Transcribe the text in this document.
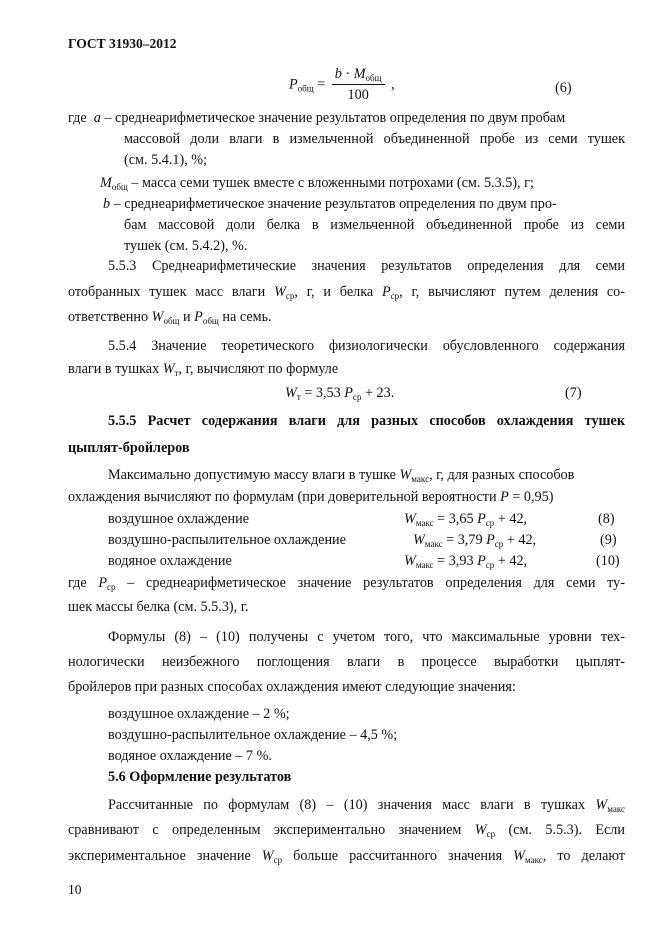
ГОСТ 31930–2012
$P_{общ} = \frac{b \cdot M_{общ}}{100}$ ,	(6)
где a – среднеарифметическое значение результатов определения по двум пробам
массовой доли влаги в измельченной объединенной пробе из семи тушек
(см. 5.4.1), %;
$M_{общ}$ – масса семи тушек вместе с вложенными потрохами (см. 5.3.5), г;
b – среднеарифметическое значение результатов определения по двум про-
бам массовой доли белка в измельченной объединенной пробе из семи
тушек (см. 5.4.2), %.
5.5.3 Среднеарифметические значения результатов определения для семи
отобранных тушек масс влаги $W_{ср}$, г, и белка $P_{ср}$, г, вычисляют путем деления со-
ответственно $W_{общ}$ и $P_{общ}$ на семь.
5.5.4 Значение теоретического физиологически обусловленного содержания
влаги в тушках $W_т$, г, вычисляют по формуле
$W_т = 3,53$ $P_{ср} + 23$.	(7)
5.5.5 Расчет содержания влаги для разных способов охлаждения тушек
цыплят-бройлеров
Максимально допустимую массу влаги в тушке $W_{макс}$, г, для разных способов
охлаждения вычисляют по формулам (при доверительной вероятности P = 0,95)
воздушное охлаждение	$W_{макс} = 3,65$ $P_{ср} + 42$,	(8)
воздушно-распылительное охлаждение	$W_{макс} = 3,79$ $P_{ср} + 42$,	(9)
водяное охлаждение	$W_{макс} = 3,93$ $P_{ср} + 42$,	(10)
где $P_{ср}$ – среднеарифметическое значение результатов определения для семи ту-
шек массы белка (см. 5.5.3), г.
Формулы (8) – (10) получены с учетом того, что максимальные уровни тех-
нологически неизбежного поглощения влаги в процессе выработки цыплят-
бройлеров при разных способах охлаждения имеют следующие значения:
воздушное охлаждение – 2 %;
воздушно-распылительное охлаждение – 4,5 %;
водяное охлаждение – 7 %.
5.6 Оформление результатов
Рассчитанные по формулам (8) – (10) значения масс влаги в тушках $W_{макс}$
сравнивают с определенным экспериментально значением $W_{ср}$ (см. 5.5.3). Если
экспериментальное значение $W_{ср}$ больше рассчитанного значения $W_{макс}$, то делают
10
